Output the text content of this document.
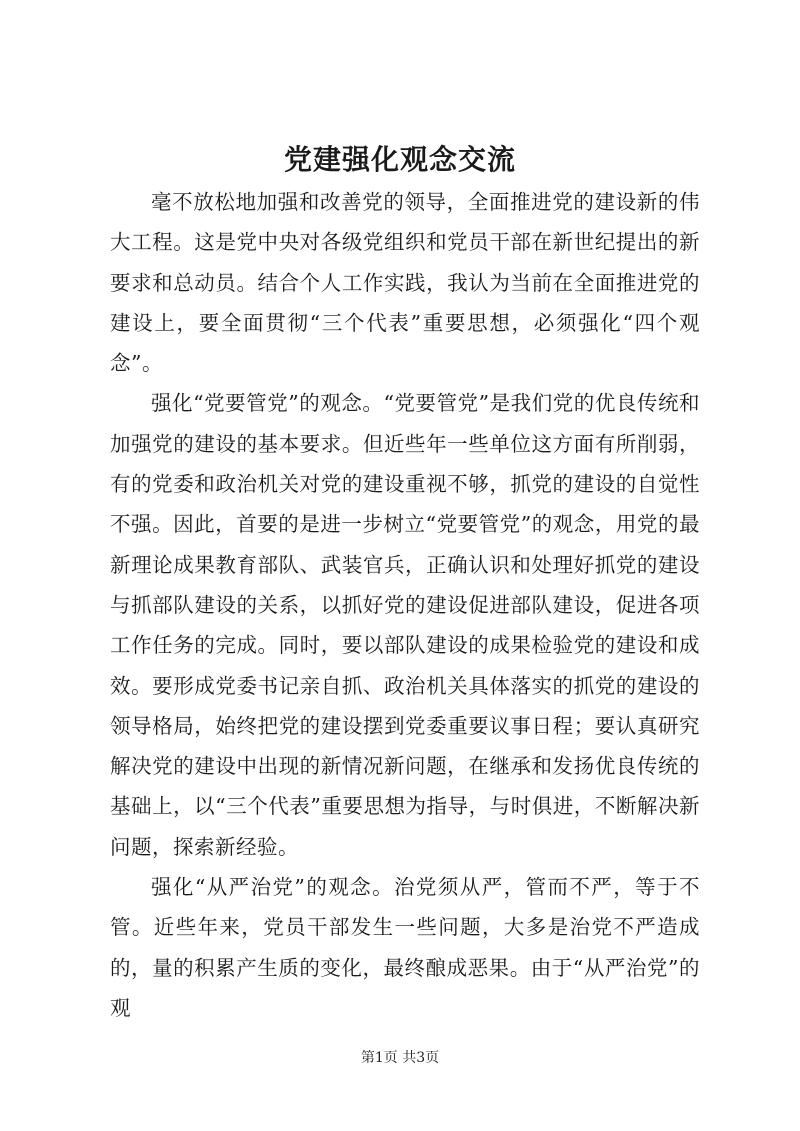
党建强化观念交流

毫不放松地加强和改善党的领导，全面推进党的建设新的伟大工程。这是党中央对各级党组织和党员干部在新世纪提出的新要求和总动员。结合个人工作实践，我认为当前在全面推进党的建设上，要全面贯彻“三个代表”重要思想，必须强化“四个观念”。

强化“党要管党”的观念。“党要管党”是我们党的优良传统和加强党的建设的基本要求。但近些年一些单位这方面有所削弱，有的党委和政治机关对党的建设重视不够，抓党的建设的自觉性不强。因此，首要的是进一步树立“党要管党”的观念，用党的最新理论成果教育部队、武装官兵，正确认识和处理好抓党的建设与抓部队建设的关系，以抓好党的建设促进部队建设，促进各项工作任务的完成。同时，要以部队建设的成果检验党的建设和成效。要形成党委书记亲自抓、政治机关具体落实的抓党的建设的领导格局，始终把党的建设摆到党委重要议事日程；要认真研究解决党的建设中出现的新情况新问题，在继承和发扬优良传统的基础上，以“三个代表”重要思想为指导，与时俱进，不断解决新问题，探索新经验。

强化“从严治党”的观念。治党须从严，管而不严，等于不管。近些年来，党员干部发生一些问题，大多是治党不严造成的，量的积累产生质的变化，最终酿成恶果。由于“从严治党”的观

第1页 共3页
